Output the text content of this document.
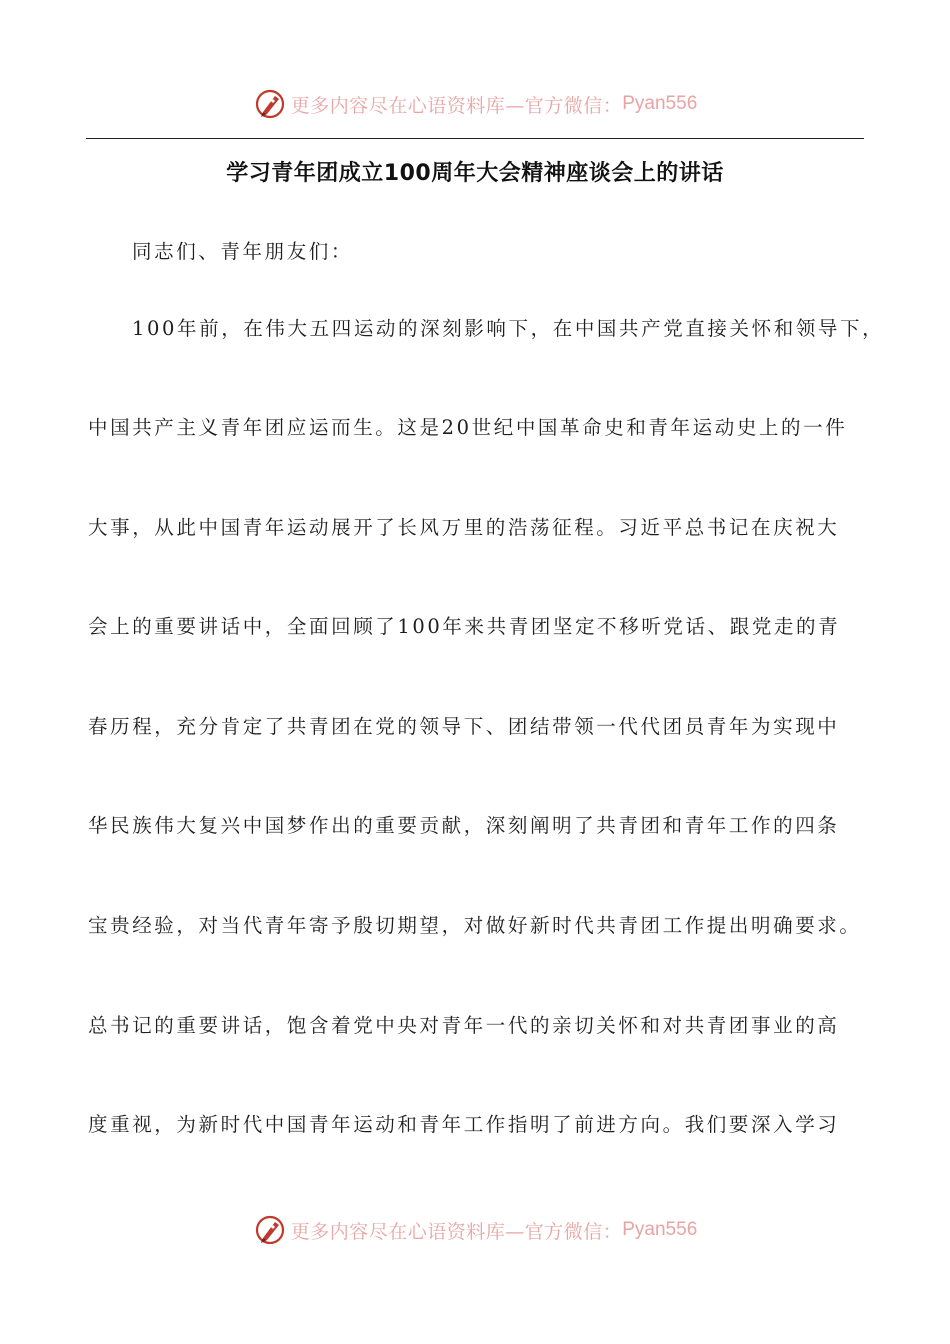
更多内容尽在心语资料库—官方微信： Pyan556
学习青年团成立100周年大会精神座谈会上的讲话
同志们、青年朋友们：
100年前，在伟大五四运动的深刻影响下，在中国共产党直接关怀和领导下，
中国共产主义青年团应运而生。这是20世纪中国革命史和青年运动史上的一件
大事，从此中国青年运动展开了长风万里的浩荡征程。习近平总书记在庆祝大
会上的重要讲话中，全面回顾了100年来共青团坚定不移听党话、跟党走的青
春历程，充分肯定了共青团在党的领导下、团结带领一代代团员青年为实现中
华民族伟大复兴中国梦作出的重要贡献，深刻阐明了共青团和青年工作的四条
宝贵经验，对当代青年寄予殷切期望，对做好新时代共青团工作提出明确要求。
总书记的重要讲话，饱含着党中央对青年一代的亲切关怀和对共青团事业的高
度重视，为新时代中国青年运动和青年工作指明了前进方向。我们要深入学习
更多内容尽在心语资料库—官方微信： Pyan556
